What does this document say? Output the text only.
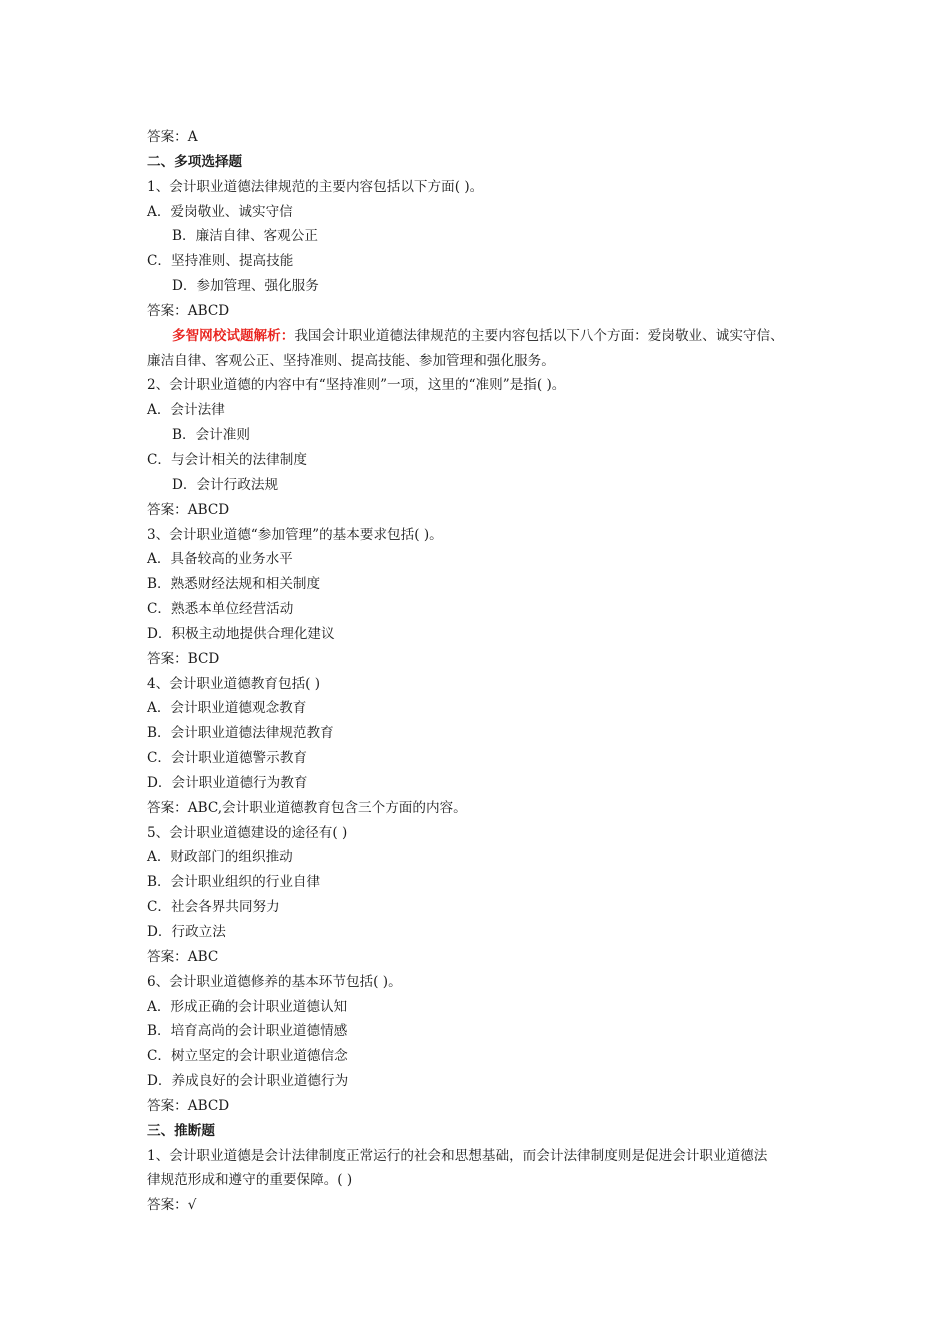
答案：A
二、多项选择题
1、会计职业道德法律规范的主要内容包括以下方面( )。
A．爱岗敬业、诚实守信
B．廉洁自律、客观公正
C．坚持准则、提高技能
D．参加管理、强化服务
答案：ABCD
多智网校试题解析：我国会计职业道德法律规范的主要内容包括以下八个方面：爱岗敬业、诚实守信、
廉洁自律、客观公正、坚持准则、提高技能、参加管理和强化服务。
2、会计职业道德的内容中有“坚持准则”一项，这里的“准则”是指( )。
A．会计法律
B．会计准则
C．与会计相关的法律制度
D．会计行政法规
答案：ABCD
3、会计职业道德“参加管理”的基本要求包括( )。
A．具备较高的业务水平
B．熟悉财经法规和相关制度
C．熟悉本单位经营活动
D．积极主动地提供合理化建议
答案：BCD
4、会计职业道德教育包括( )
A．会计职业道德观念教育
B．会计职业道德法律规范教育
C．会计职业道德警示教育
D．会计职业道德行为教育
答案：ABC,会计职业道德教育包含三个方面的内容。
5、会计职业道德建设的途径有( )
A．财政部门的组织推动
B．会计职业组织的行业自律
C．社会各界共同努力
D．行政立法
答案：ABC
6、会计职业道德修养的基本环节包括( )。
A．形成正确的会计职业道德认知
B．培育高尚的会计职业道德情感
C．树立坚定的会计职业道德信念
D．养成良好的会计职业道德行为
答案：ABCD
三、推断题
1、会计职业道德是会计法律制度正常运行的社会和思想基础，而会计法律制度则是促进会计职业道德法
律规范形成和遵守的重要保障。( )
答案：√
